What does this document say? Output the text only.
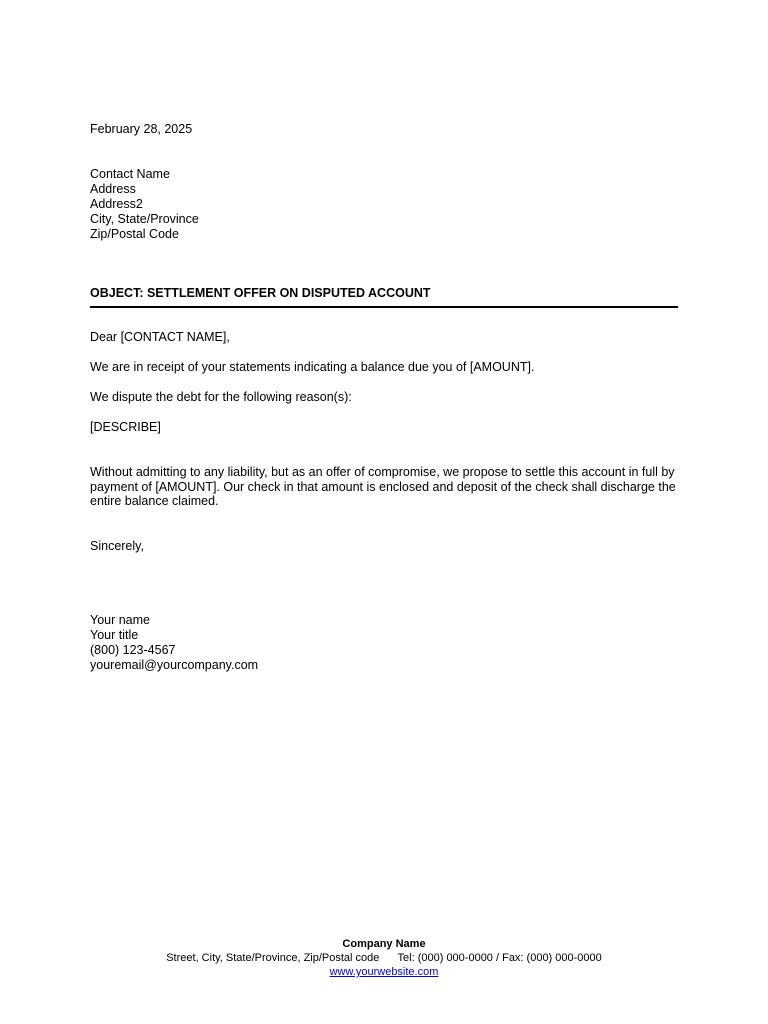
February 28, 2025
Contact Name
Address
Address2
City, State/Province
Zip/Postal Code
OBJECT: SETTLEMENT OFFER ON DISPUTED ACCOUNT
Dear [CONTACT NAME],
We are in receipt of your statements indicating a balance due you of [AMOUNT].
We dispute the debt for the following reason(s):
[DESCRIBE]
Without admitting to any liability, but as an offer of compromise, we propose to settle this account in full by payment of [AMOUNT]. Our check in that amount is enclosed and deposit of the check shall discharge the entire balance claimed.
Sincerely,
Your name
Your title
(800) 123-4567
youremail@yourcompany.com
Company Name
Street, City, State/Province, Zip/Postal code Tel: (000) 000-0000 / Fax: (000) 000-0000
www.yourwebsite.com
